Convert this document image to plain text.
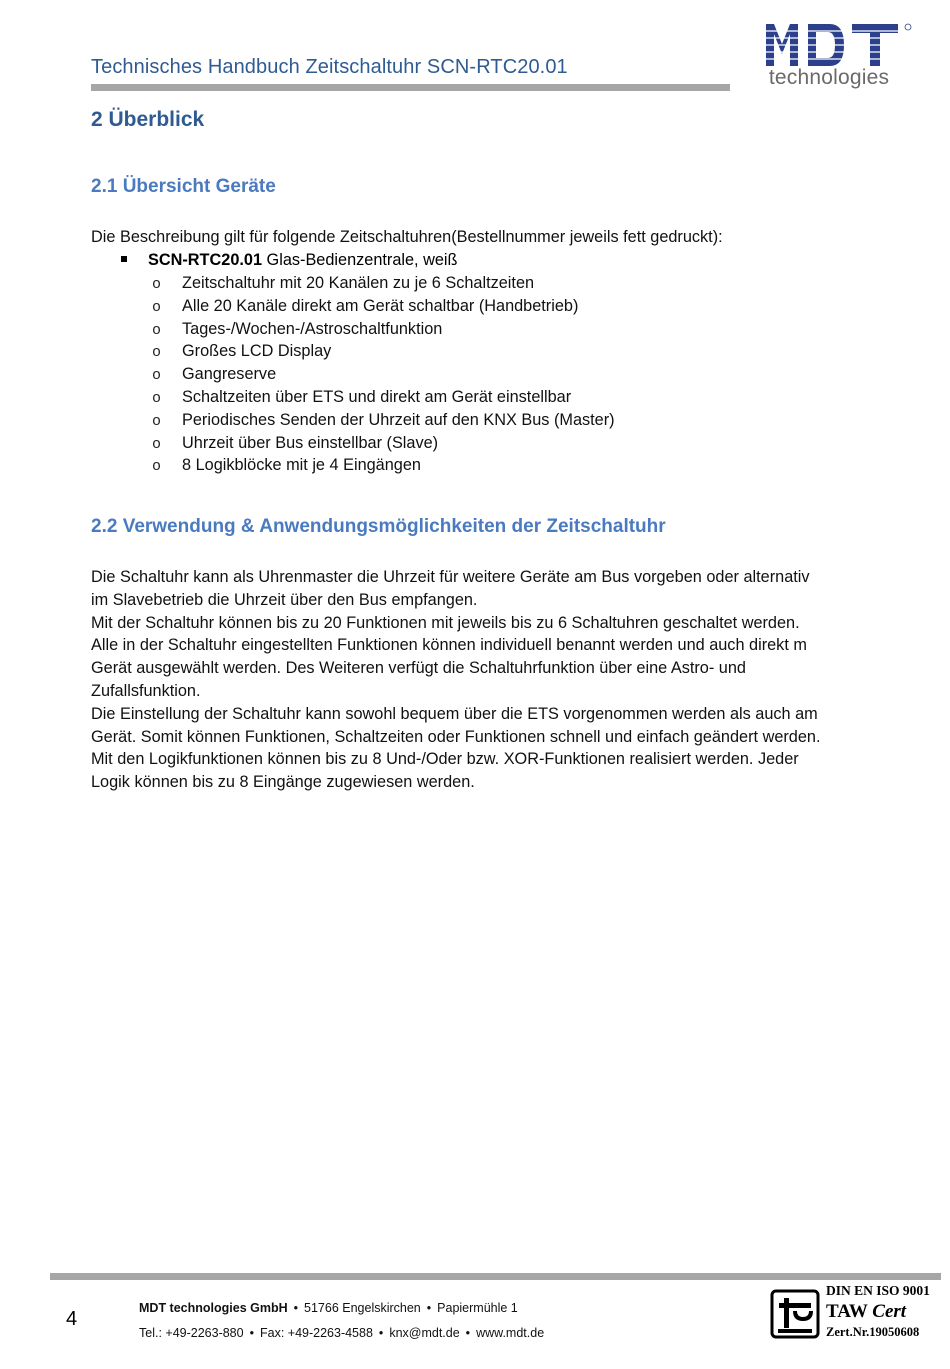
Technisches Handbuch Zeitschaltuhr SCN-RTC20.01	technologies
2 Überblick
2.1 Übersicht Geräte
Die Beschreibung gilt für folgende Zeitschaltuhren(Bestellnummer jeweils fett gedruckt):
SCN-RTC20.01 Glas-Bedienzentrale, weiß
o Zeitschaltuhr mit 20 Kanälen zu je 6 Schaltzeiten
o Alle 20 Kanäle direkt am Gerät schaltbar (Handbetrieb)
o Tages-/Wochen-/Astroschaltfunktion
o Großes LCD Display
o Gangreserve
o Schaltzeiten über ETS und direkt am Gerät einstellbar
o Periodisches Senden der Uhrzeit auf den KNX Bus (Master)
o Uhrzeit über Bus einstellbar (Slave)
o 8 Logikblöcke mit je 4 Eingängen
2.2 Verwendung & Anwendungsmöglichkeiten der Zeitschaltuhr
Die Schaltuhr kann als Uhrenmaster die Uhrzeit für weitere Geräte am Bus vorgeben oder alternativ
im Slavebetrieb die Uhrzeit über den Bus empfangen.
Mit der Schaltuhr können bis zu 20 Funktionen mit jeweils bis zu 6 Schaltuhren geschaltet werden.
Alle in der Schaltuhr eingestellten Funktionen können individuell benannt werden und auch direkt m
Gerät ausgewählt werden. Des Weiteren verfügt die Schaltuhrfunktion über eine Astro- und
Zufallsfunktion.
Die Einstellung der Schaltuhr kann sowohl bequem über die ETS vorgenommen werden als auch am
Gerät. Somit können Funktionen, Schaltzeiten oder Funktionen schnell und einfach geändert werden.
Mit den Logikfunktionen können bis zu 8 Und-/Oder bzw. XOR-Funktionen realisiert werden. Jeder
Logik können bis zu 8 Eingänge zugewiesen werden.
4	MDT technologies GmbH • 51766 Engelskirchen • Papiermühle 1
Tel.: +49-2263-880 • Fax: +49-2263-4588 • knx@mdt.de • www.mdt.de
DIN EN ISO 9001
TAW Cert
Zert.Nr.19050608
